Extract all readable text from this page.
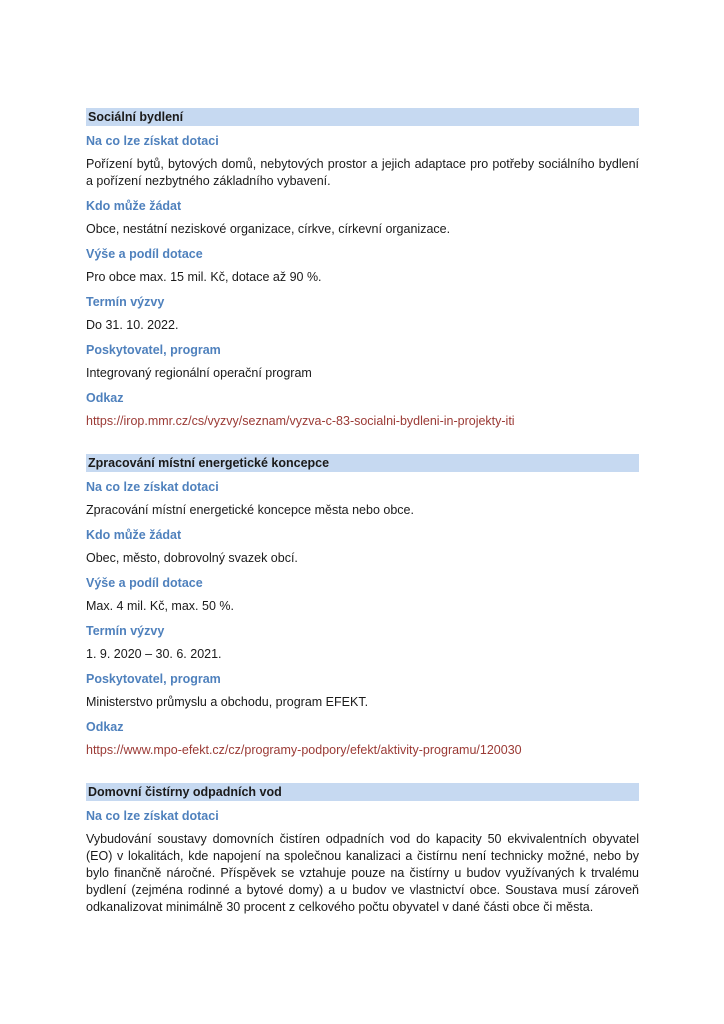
Sociální bydlení
Na co lze získat dotaci
Pořízení bytů, bytových domů, nebytových prostor a jejich adaptace pro potřeby sociálního bydlení a pořízení nezbytného základního vybavení.
Kdo může žádat
Obce, nestátní neziskové organizace, církve, církevní organizace.
Výše a podíl dotace
Pro obce max. 15 mil. Kč, dotace až 90 %.
Termín výzvy
Do 31. 10. 2022.
Poskytovatel, program
Integrovaný regionální operační program
Odkaz
https://irop.mmr.cz/cs/vyzvy/seznam/vyzva-c-83-socialni-bydleni-in-projekty-iti
Zpracování místní energetické koncepce
Na co lze získat dotaci
Zpracování místní energetické koncepce města nebo obce.
Kdo může žádat
Obec, město, dobrovolný svazek obcí.
Výše a podíl dotace
Max. 4 mil. Kč, max. 50 %.
Termín výzvy
1. 9. 2020 – 30. 6. 2021.
Poskytovatel, program
Ministerstvo průmyslu a obchodu, program EFEKT.
Odkaz
https://www.mpo-efekt.cz/cz/programy-podpory/efekt/aktivity-programu/120030
Domovní čistírny odpadních vod
Na co lze získat dotaci
Vybudování soustavy domovních čistíren odpadních vod do kapacity 50 ekvivalentních obyvatel (EO) v lokalitách, kde napojení na společnou kanalizaci a čistírnu není technicky možné, nebo by bylo finančně náročné. Příspěvek se vztahuje pouze na čistírny u budov využívaných k trvalému bydlení (zejména rodinné a bytové domy) a u budov ve vlastnictví obce. Soustava musí zároveň odkanalizovat minimálně 30 procent z celkového počtu obyvatel v dané části obce či města.
